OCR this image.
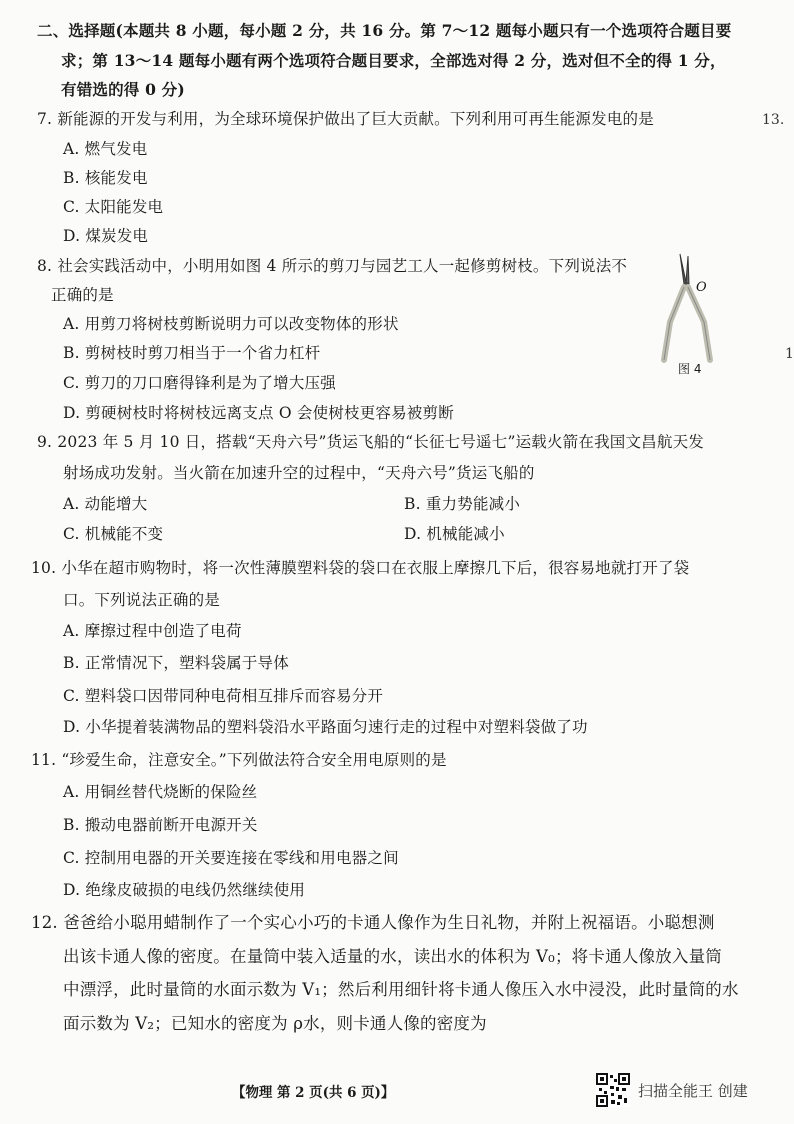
二、选择题(本题共 8 小题，每小题 2 分，共 16 分。第 7～12 题每小题只有一个选项符合题目要
求；第 13～14 题每小题有两个选项符合题目要求，全部选对得 2 分，选对但不全的得 1 分，
有错选的得 0 分)
7. 新能源的开发与利用，为全球环境保护做出了巨大贡献。下列利用可再生能源发电的是
A. 燃气发电
B. 核能发电
C. 太阳能发电
D. 煤炭发电
8. 社会实践活动中，小明用如图 4 所示的剪刀与园艺工人一起修剪树枝。下列说法不
正确的是
A. 用剪刀将树枝剪断说明力可以改变物体的形状
B. 剪树枝时剪刀相当于一个省力杠杆
C. 剪刀的刀口磨得锋利是为了增大压强
D. 剪硬树枝时将树枝远离支点 O 会使树枝更容易被剪断
O
图 4
9. 2023 年 5 月 10 日，搭载“天舟六号”货运飞船的“长征七号遥七”运载火箭在我国文昌航天发
射场成功发射。当火箭在加速升空的过程中，“天舟六号”货运飞船的
A. 动能增大	B. 重力势能减小
C. 机械能不变	D. 机械能减小
10. 小华在超市购物时，将一次性薄膜塑料袋的袋口在衣服上摩擦几下后，很容易地就打开了袋
口。下列说法正确的是
A. 摩擦过程中创造了电荷
B. 正常情况下，塑料袋属于导体
C. 塑料袋口因带同种电荷相互排斥而容易分开
D. 小华提着装满物品的塑料袋沿水平路面匀速行走的过程中对塑料袋做了功
11. “珍爱生命，注意安全。”下列做法符合安全用电原则的是
A. 用铜丝替代烧断的保险丝
B. 搬动电器前断开电源开关
C. 控制用电器的开关要连接在零线和用电器之间
D. 绝缘皮破损的电线仍然继续使用
12. 爸爸给小聪用蜡制作了一个实心小巧的卡通人像作为生日礼物，并附上祝福语。小聪想测
出该卡通人像的密度。在量筒中装入适量的水，读出水的体积为 V₀；将卡通人像放入量筒
中漂浮，此时量筒的水面示数为 V₁；然后利用细针将卡通人像压入水中浸没，此时量筒的水
面示数为 V₂；已知水的密度为 ρ水，则卡通人像的密度为
13.
1
【物理 第 2 页(共 6 页)】	扫描全能王 创建
